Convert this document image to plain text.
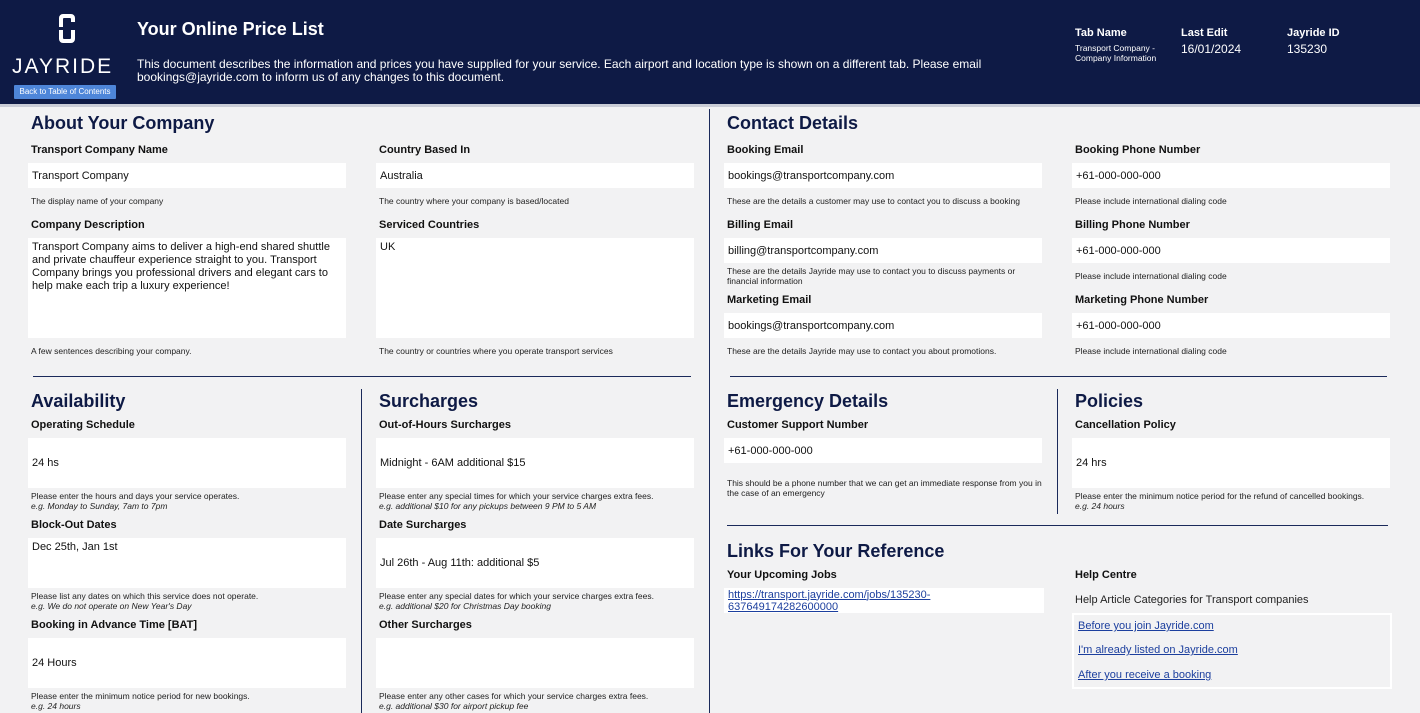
JAYRIDE
Back to Table of Contents
Your Online Price List
This document describes the information and prices you have supplied for your service. Each airport and location type is shown on a different tab. Please email bookings@jayride.com to inform us of any changes to this document.
Tab Name
Transport Company - Company Information
Last Edit
16/01/2024
Jayride ID
135230
About Your Company
Transport Company Name
Transport Company
The display name of your company
Country Based In
Australia
The country where your company is based/located
Company Description
Transport Company aims to deliver a high-end shared shuttle and private chauffeur experience straight to you. Transport Company brings you professional drivers and elegant cars to help make each trip a luxury experience!
A few sentences describing your company.
Serviced Countries
UK
The country or countries where you operate transport services
Contact Details
Booking Email
bookings@transportcompany.com
These are the details a customer may use to contact you to discuss a booking
Booking Phone Number
+61-000-000-000
Please include international dialing code
Billing Email
billing@transportcompany.com
These are the details Jayride may use to contact you to discuss payments or financial information
Billing Phone Number
+61-000-000-000
Please include international dialing code
Marketing Email
bookings@transportcompany.com
These are the details Jayride may use to contact you about promotions.
Marketing Phone Number
+61-000-000-000
Please include international dialing code
Availability
Operating Schedule
24 hs
Please enter the hours and days your service operates.
e.g. Monday to Sunday, 7am to 7pm
Block-Out Dates
Dec 25th, Jan 1st
Please list any dates on which this service does not operate.
e.g. We do not operate on New Year's Day
Booking in Advance Time [BAT]
24 Hours
Please enter the minimum notice period for new bookings.
e.g. 24 hours
Surcharges
Out-of-Hours Surcharges
Midnight - 6AM additional $15
Please enter any special times for which your service charges extra fees.
e.g. additional $10 for any pickups between 9 PM to 5 AM
Date Surcharges
Jul 26th - Aug 11th: additional $5
Please enter any special dates for which your service charges extra fees.
e.g. additional $20 for Christmas Day booking
Other Surcharges
Please enter any other cases for which your service charges extra fees.
e.g. additional $30 for airport pickup fee
Emergency Details
Customer Support Number
+61-000-000-000
This should be a phone number that we can get an immediate response from you in the case of an emergency
Policies
Cancellation Policy
24 hrs
Please enter the minimum notice period for the refund of cancelled bookings.
e.g. 24 hours
Links For Your Reference
Your Upcoming Jobs
https://transport.jayride.com/jobs/135230-637649174282600000
Help Centre
Help Article Categories for Transport companies
Before you join Jayride.com
I'm already listed on Jayride.com
After you receive a booking
